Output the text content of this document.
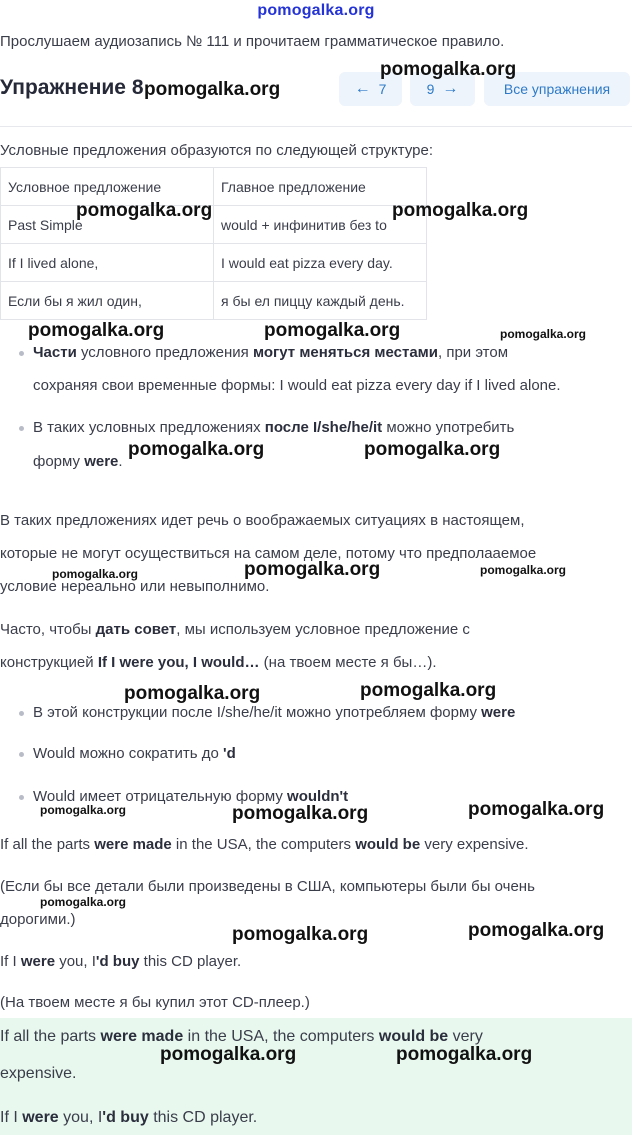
pomogalka.org
Прослушаем аудиозапись № 111 и прочитаем грамматическое правило.
Упражнение 8	← 7	9 →	Все упражнения
Условные предложения образуются по следующей структуре:
Условное предложение	Главное предложение
Past Simple	would + инфинитив без to
If I lived alone,	I would eat pizza every day.
Если бы я жил один,	я бы ел пиццу каждый день.
Части условного предложения могут меняться местами, при этом
сохраняя свои временные формы: I would eat pizza every day if I lived alone.
В таких условных предложениях после I/she/he/it можно употребить
форму were.
В таких предложениях идет речь о воображаемых ситуациях в настоящем,
которые не могут осуществиться на самом деле, потому что предполааемое
условие нереально или невыполнимо.
Часто, чтобы дать совет, мы используем условное предложение с
конструкцией If I were you, I would… (на твоем месте я бы…).
В этой конструкции после I/she/he/it можно употребляем форму were
Would можно сократить до 'd
Would имеет отрицательную форму wouldn't
If all the parts were made in the USA, the computers would be very expensive.
(Если бы все детали были произведены в США, компьютеры были бы очень
дорогими.)
If I were you, I'd buy this CD player.
(На твоем месте я бы купил этот CD-плеер.)
If all the parts were made in the USA, the computers would be very
expensive.
If I were you, I'd buy this CD player.
pomogalka.org
pomogalka.org
pomogalka.org	pomogalka.org
pomogalka.org	pomogalka.org	pomogalka.org
pomogalka.org	pomogalka.org
pomogalka.org	pomogalka.org	pomogalka.org
pomogalka.org	pomogalka.org
pomogalka.org	pomogalka.org	pomogalka.org
pomogalka.org
pomogalka.org	pomogalka.org
pomogalka.org	pomogalka.org
